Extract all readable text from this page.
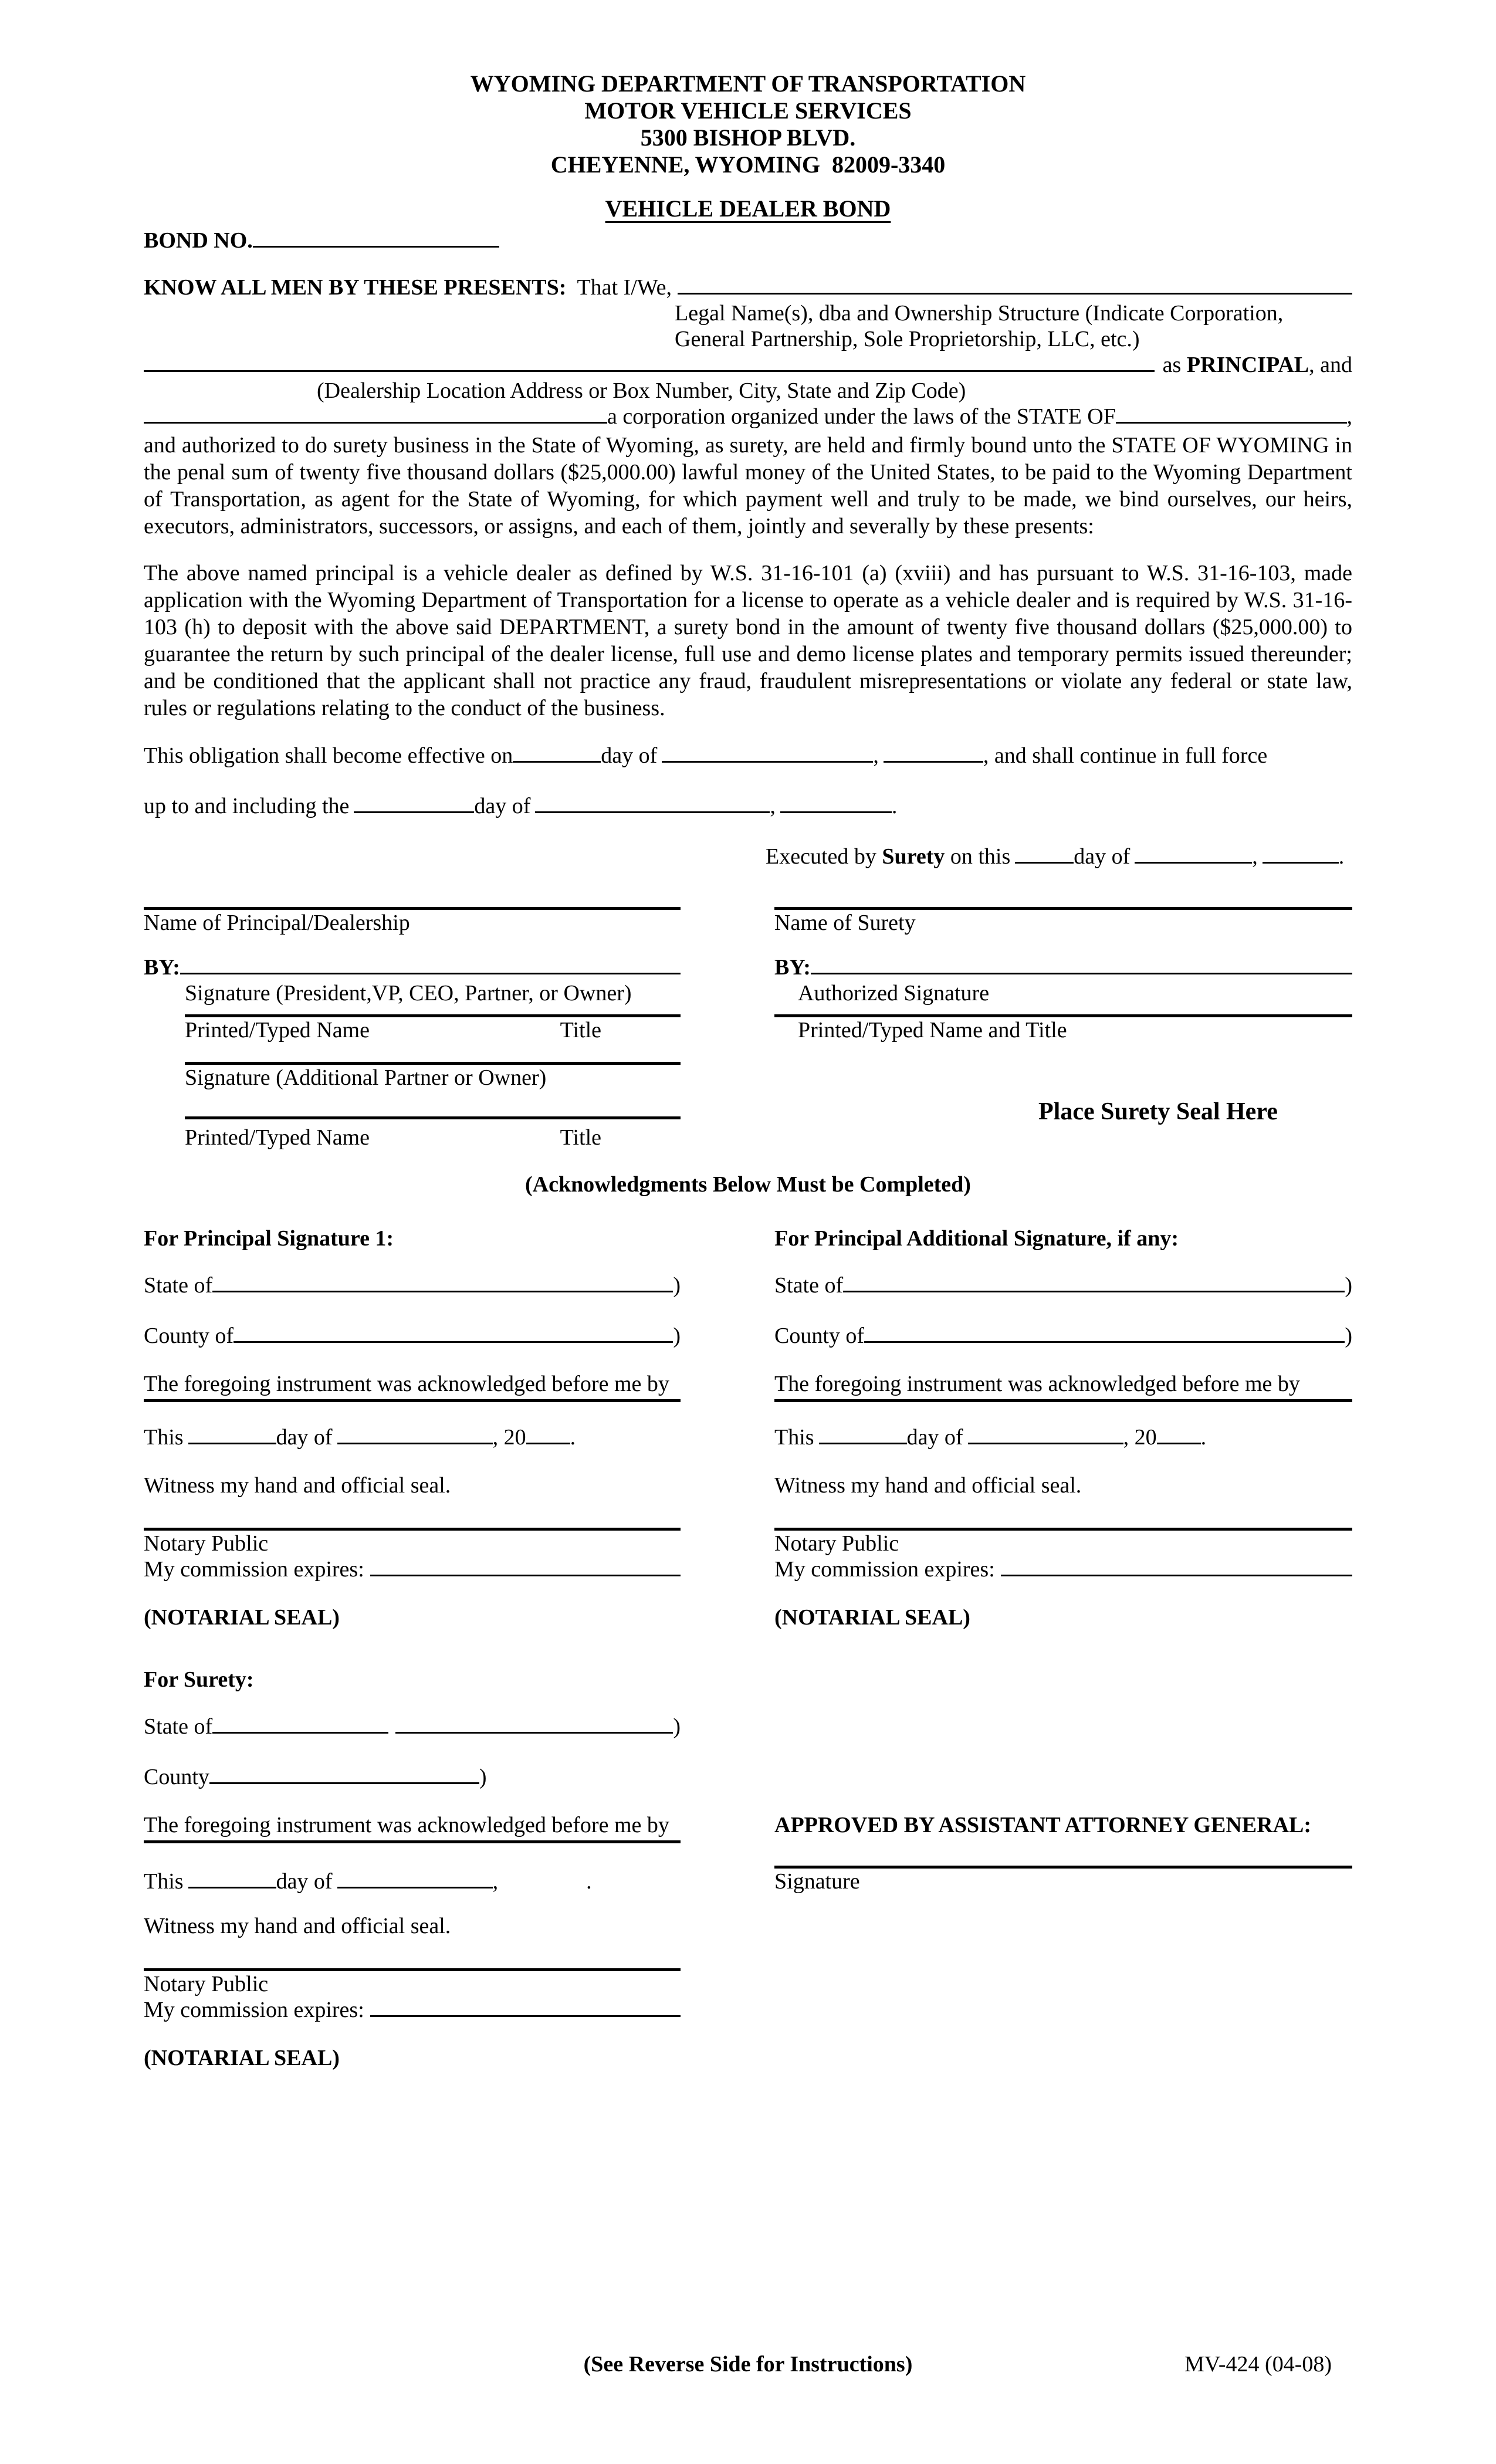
WYOMING DEPARTMENT OF TRANSPORTATION
MOTOR VEHICLE SERVICES
5300 BISHOP BLVD.
CHEYENNE, WYOMING  82009-3340
VEHICLE DEALER BOND
BOND NO.
KNOW ALL MEN BY THESE PRESENTS: That I/We,
Legal Name(s), dba and Ownership Structure (Indicate Corporation,
General Partnership, Sole Proprietorship, LLC, etc.)
as
PRINCIPAL , and
(Dealership Location Address or Box Number, City, State and Zip Code)
a corporation organized under the laws of the STATE OF	,
and authorized to do surety business in the State of Wyoming, as surety, are held and firmly bound unto the STATE OF WYOMING in the penal sum of twenty five thousand dollars ($25,000.00) lawful money of the United States, to be paid to the Wyoming Department of Transportation, as agent for the State of Wyoming, for which payment well and truly to be made, we bind ourselves, our heirs, executors, administrators, successors, or assigns, and each of them, jointly and severally by these presents:
The above named principal is a vehicle dealer as defined by W.S. 31-16-101 (a) (xviii) and has pursuant to W.S. 31-16-103, made application with the Wyoming Department of Transportation for a license to operate as a vehicle dealer and is required by W.S. 31-16-103 (h) to deposit with the above said DEPARTMENT, a surety bond in the amount of twenty five thousand dollars ($25,000.00) to guarantee the return by such principal of the dealer license, full use and demo license plates and temporary permits issued thereunder; and be conditioned that the applicant shall not practice any fraud, fraudulent misrepresentations or violate any federal or state law, rules or regulations relating to the conduct of the business.
This obligation shall become effective on	day of	,	, and shall continue in full force
up to and including the	day of	,	.
Executed by
Surety
on this	day of	,	.
Name of Principal/Dealership	Name of Surety
BY:	BY:
Signature (President,VP, CEO, Partner, or Owner)	Authorized Signature
Printed/Typed Name	Title	Printed/Typed Name and Title
Signature (Additional Partner or Owner)
Place Surety Seal Here
Printed/Typed Name	Title
(Acknowledgments Below Must be Completed)
For Principal Signature 1:	For Principal Additional Signature, if any:
State of	)	State of	)
County of	)	County of	)
The foregoing instrument was acknowledged before me by	The foregoing instrument was acknowledged before me by
This	day of	, 20 .	This	day of	, 20 .
Witness my hand and official seal.	Witness my hand and official seal.
Notary Public	Notary Public
My commission expires:	My commission expires:
(NOTARIAL SEAL)	(NOTARIAL SEAL)
For Surety:
State of	)
County	)
The foregoing instrument was acknowledged before me by	APPROVED BY ASSISTANT ATTORNEY GENERAL:
This	day of	,	.	Signature
Witness my hand and official seal.
Notary Public
My commission expires:
(NOTARIAL SEAL)
(See Reverse Side for Instructions)	MV-424 (04-08)
